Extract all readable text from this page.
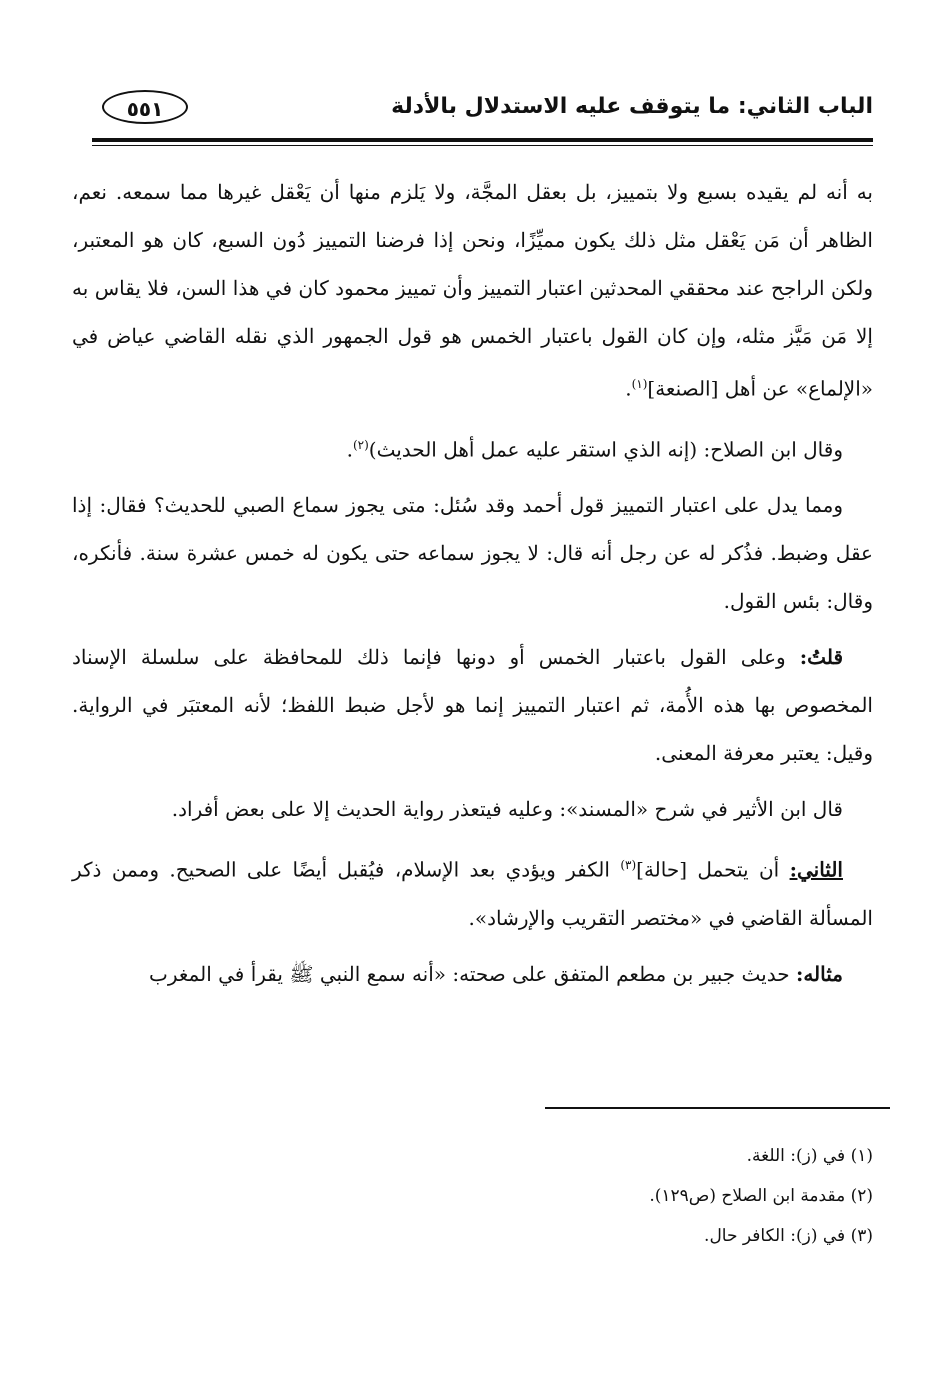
الباب الثاني: ما يتوقف عليه الاستدلال بالأدلة
٥٥١

به أنه لم يقيده بسبع ولا بتمييز، بل بعقل المجَّة، ولا يَلزم منها أن يَعْقل غيرها مما سمعه. نعم، الظاهر أن مَن يَعْقل مثل ذلك يكون مميِّزًا، ونحن إذا فرضنا التمييز دُون السبع، كان هو المعتبر، ولكن الراجح عند محققي المحدثين اعتبار التمييز وأن تمييز محمود كان في هذا السن، فلا يقاس به إلا مَن مَيَّز مثله، وإن كان القول باعتبار الخمس هو قول الجمهور الذي نقله القاضي عياض في «الإلماع» عن أهل [الصنعة]$^{(١)}$.

وقال ابن الصلاح: (إنه الذي استقر عليه عمل أهل الحديث)$^{(٢)}$.

ومما يدل على اعتبار التمييز قول أحمد وقد سُئل: متى يجوز سماع الصبي للحديث؟ فقال: إذا عقل وضبط. فذُكر له عن رجل أنه قال: لا يجوز سماعه حتى يكون له خمس عشرة سنة. فأنكره، وقال: بئس القول.

قلتُ: وعلى القول باعتبار الخمس أو دونها فإنما ذلك للمحافظة على سلسلة الإسناد المخصوص بها هذه الأُمة، ثم اعتبار التمييز إنما هو لأجل ضبط اللفظ؛ لأنه المعتبَر في الرواية. وقيل: يعتبر معرفة المعنى.

قال ابن الأثير في شرح «المسند»: وعليه فيتعذر رواية الحديث إلا على بعض أفراد.

الثاني: أن يتحمل [حالة]$^{(٣)}$ الكفر ويؤدي بعد الإسلام، فيُقبل أيضًا على الصحيح. وممن ذكر المسألة القاضي في «مختصر التقريب والإرشاد».

مثاله: حديث جبير بن مطعم المتفق على صحته: «أنه سمع النبي ﷺ يقرأ في المغرب

(١) في (ز): اللغة.
(٢) مقدمة ابن الصلاح (ص١٢٩).
(٣) في (ز): الكافر حال.
